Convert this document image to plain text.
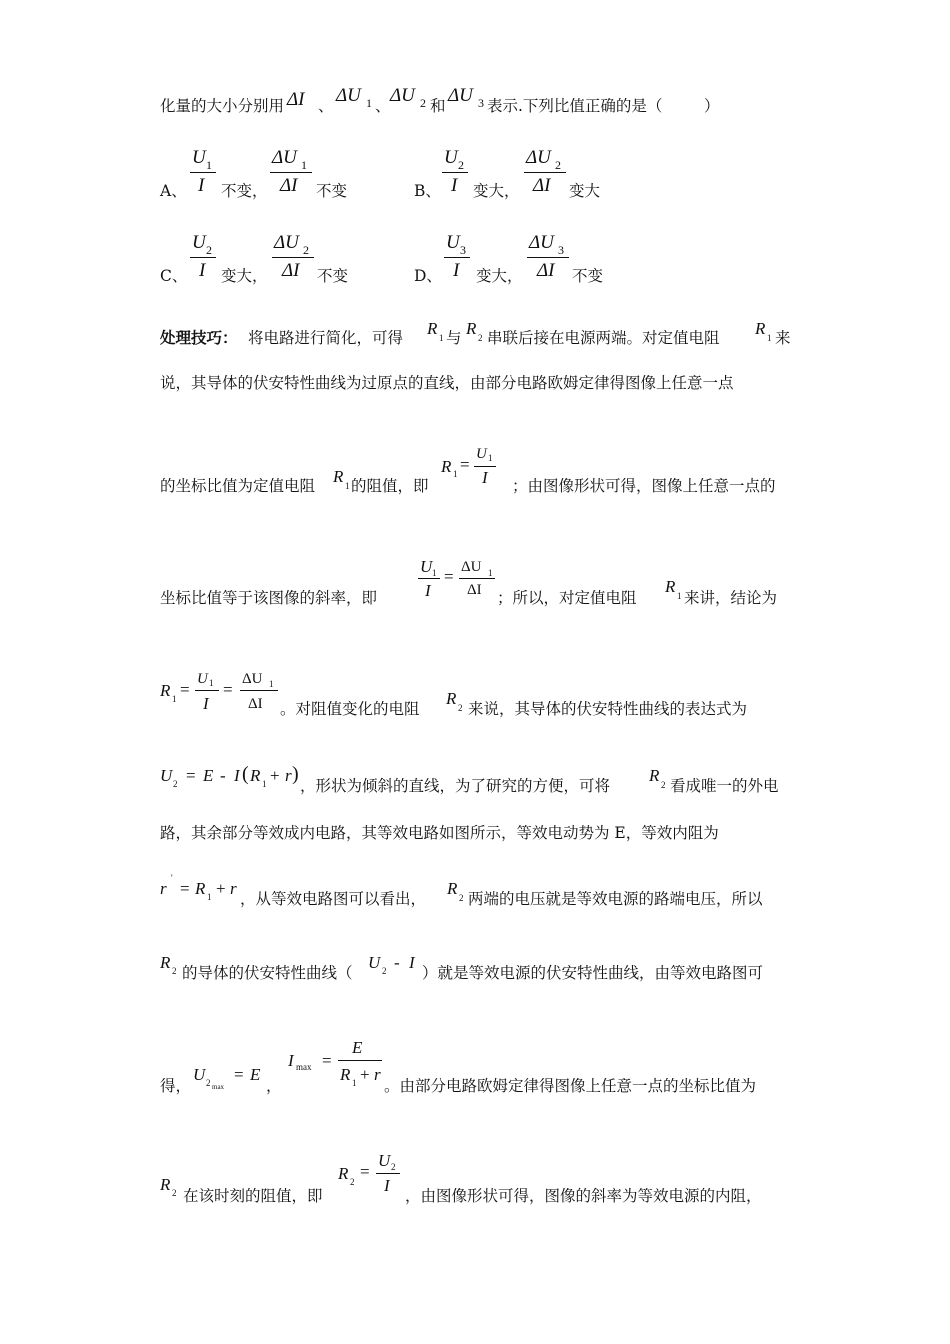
化量的大小分别用 ΔI 、 ΔU 1 、 ΔU 2 和 ΔU 3 表示.下列比值正确的是（	）
A、
U 1
I 不变，
ΔU 1
ΔI 不变	B、
U 2
I 变大，
ΔU 2
ΔI 变大
C、
U 2
I 变大，
ΔU 2
ΔI 不变	D、
U 3
I 变大，
ΔU 3
ΔI 不变
处理技巧： 将电路进行简化，可得 R 1 与 R 2 串联后接在电源两端。对定值电阻 R 1 来
说，其导体的伏安特性曲线为过原点的直线，由部分电路欧姆定律得图像上任意一点
的坐标比值为定值电阻 R 1 的阻值，即
R 1 =
U 1
I ；由图像形状可得，图像上任意一点的
坐标比值等于该图像的斜率，即
U 1
I
= ΔU 1
ΔI ；所以，对定值电阻
R 1 来讲，结论为
R 1 =
U 1
I
=
ΔU 1
ΔI 。对阻值变化的电阻
R 2 来说，其导体的伏安特性曲线的表达式为
U 2 = E - I ( R 1 + r )
，形状为倾斜的直线，为了研究的方便，可将
R 2 看成唯一的外电
路，其余部分等效成内电路，其等效电路如图所示，等效电动势为 E，等效内阻为
r
'
= R 1 + r
，从等效电路图可以看出，
R 2 两端的电压就是等效电源的路端电压，所以
R 2 的导体的伏安特性曲线（
U 2 - I
）就是等效电源的伏安特性曲线，由等效电路图可
得，
U 2 max
= E
，
I max =
E
R 1 + r
。由部分电路欧姆定律得图像上任意一点的坐标比值为
R 2 在该时刻的阻值，即
R 2
=
U 2
I
，由图像形状可得，图像的斜率为等效电源的内阻，
